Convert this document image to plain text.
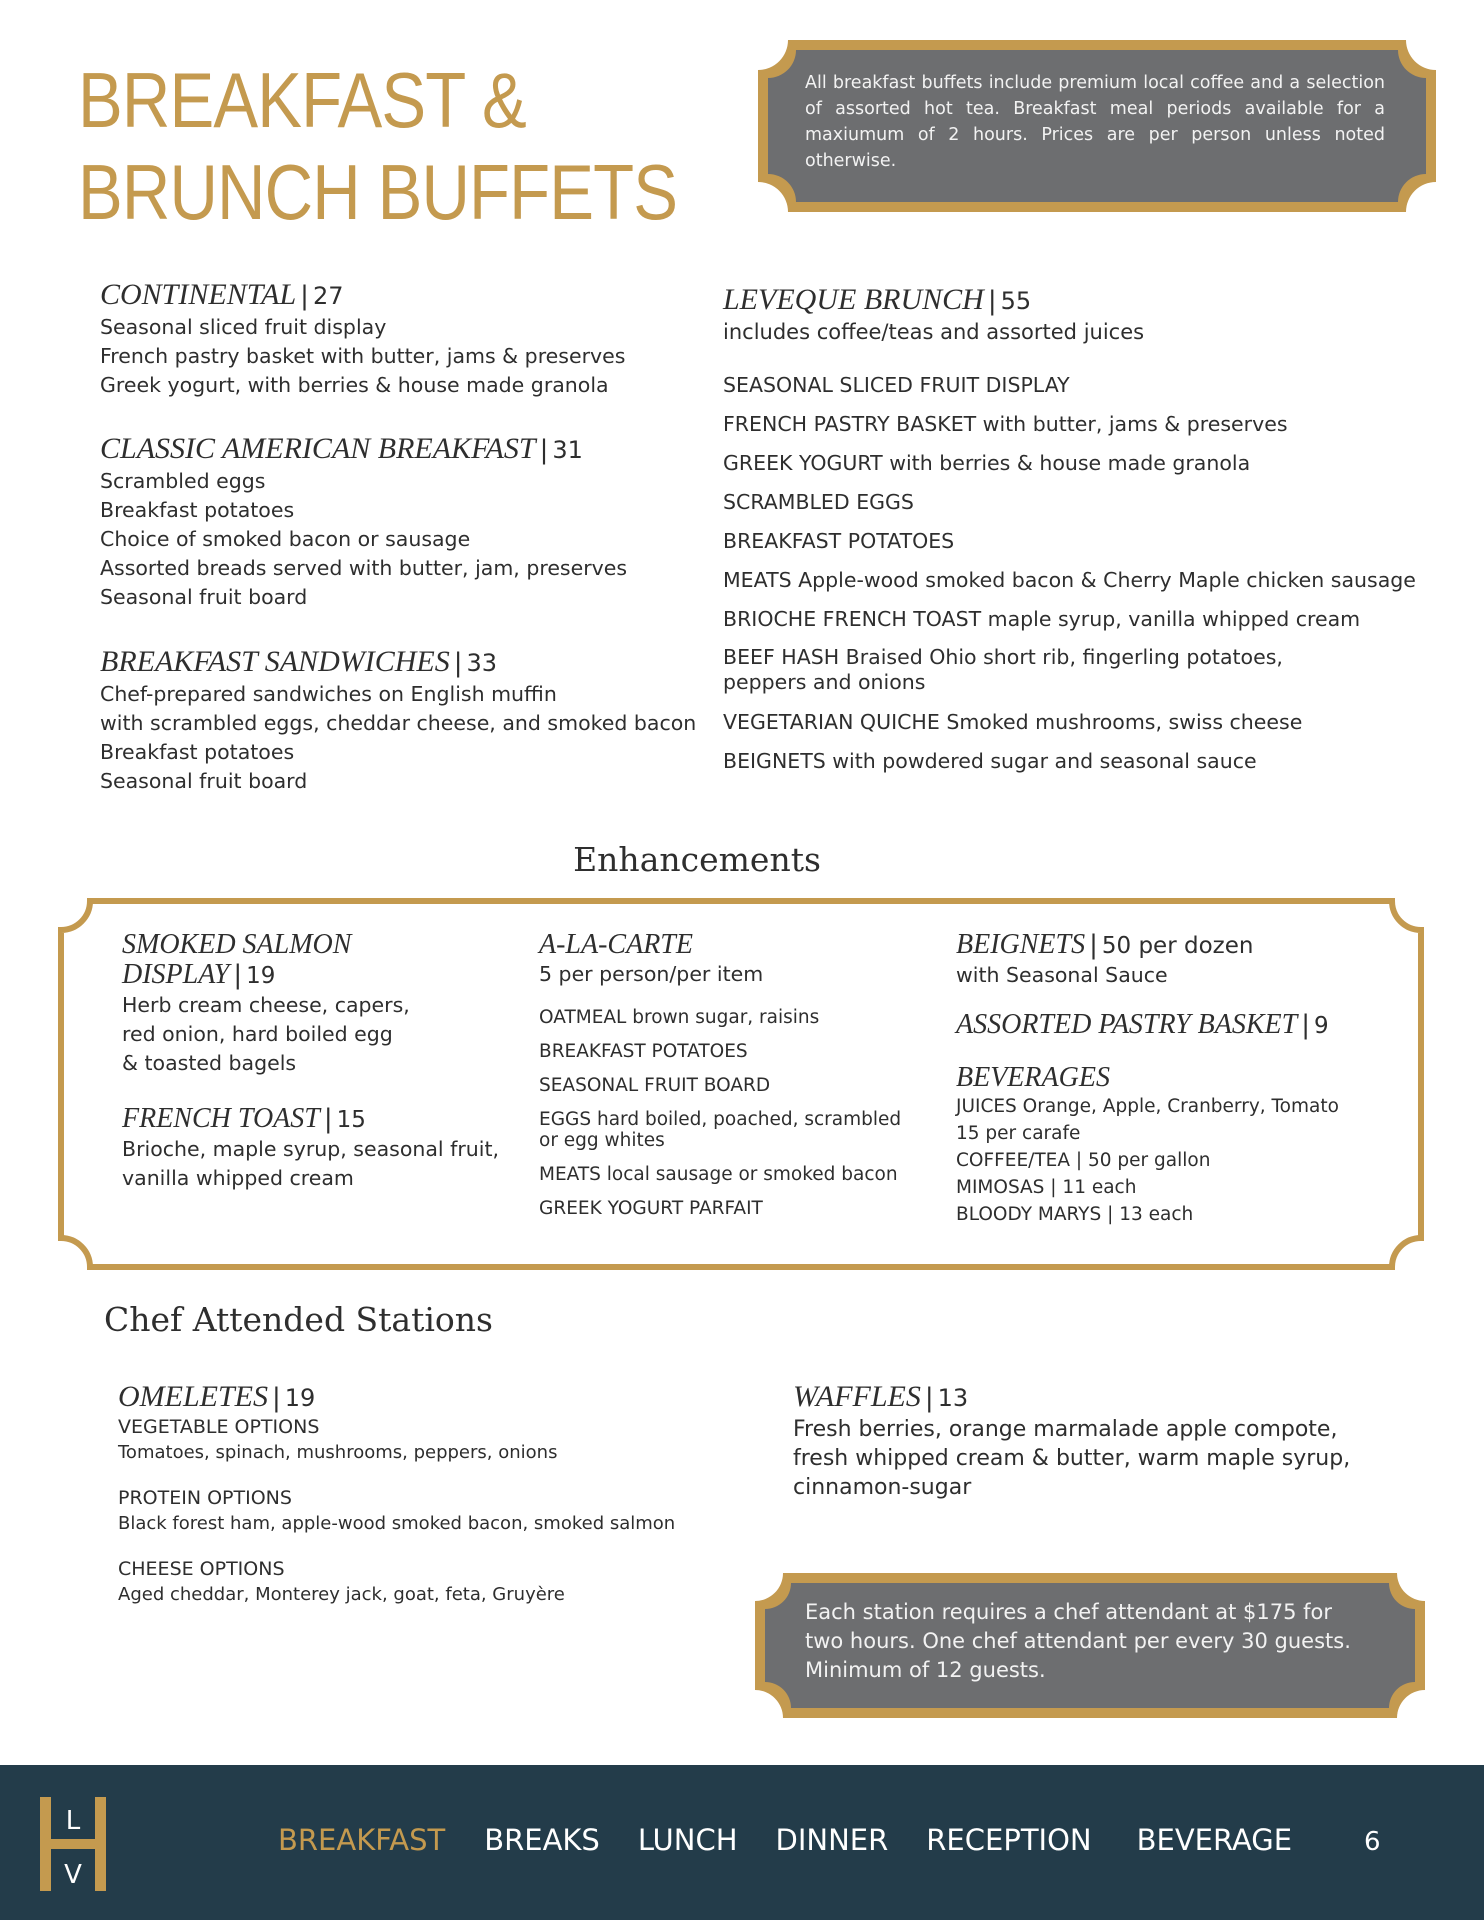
BREAKFAST &
BRUNCH BUFFETS
All breakfast buffets include premium local coffee and a selection of assorted hot tea. Breakfast meal periods available for a maxiumum of 2 hours. Prices are per person unless noted otherwise.
CONTINENTAL | 27
Seasonal sliced fruit display
French pastry basket with butter, jams & preserves
Greek yogurt, with berries & house made granola
CLASSIC AMERICAN BREAKFAST | 31
Scrambled eggs
Breakfast potatoes
Choice of smoked bacon or sausage
Assorted breads served with butter, jam, preserves
Seasonal fruit board
BREAKFAST SANDWICHES | 33
Chef-prepared sandwiches on English muffin
with scrambled eggs, cheddar cheese, and smoked bacon
Breakfast potatoes
Seasonal fruit board
LEVEQUE BRUNCH | 55
includes coffee/teas and assorted juices
SEASONAL SLICED FRUIT DISPLAY
FRENCH PASTRY BASKET with butter, jams & preserves
GREEK YOGURT with berries & house made granola
SCRAMBLED EGGS
BREAKFAST POTATOES
MEATS Apple-wood smoked bacon & Cherry Maple chicken sausage
BRIOCHE FRENCH TOAST maple syrup, vanilla whipped cream
BEEF HASH Braised Ohio short rib, fingerling potatoes, peppers and onions
VEGETARIAN QUICHE Smoked mushrooms, swiss cheese
BEIGNETS with powdered sugar and seasonal sauce
Enhancements
SMOKED SALMON
DISPLAY | 19
Herb cream cheese, capers,
red onion, hard boiled egg
& toasted bagels
FRENCH TOAST | 15
Brioche, maple syrup, seasonal fruit,
vanilla whipped cream
A-LA-CARTE
5 per person/per item
OATMEAL brown sugar, raisins
BREAKFAST POTATOES
SEASONAL FRUIT BOARD
EGGS hard boiled, poached, scrambled or egg whites
MEATS local sausage or smoked bacon
GREEK YOGURT PARFAIT
BEIGNETS | 50 per dozen
with Seasonal Sauce
ASSORTED PASTRY BASKET | 9
BEVERAGES
JUICES Orange, Apple, Cranberry, Tomato
15 per carafe
COFFEE/TEA | 50 per gallon
MIMOSAS | 11 each
BLOODY MARYS | 13 each
Chef Attended Stations
OMELETES | 19
VEGETABLE OPTIONS
Tomatoes, spinach, mushrooms, peppers, onions
PROTEIN OPTIONS
Black forest ham, apple-wood smoked bacon, smoked salmon
CHEESE OPTIONS
Aged cheddar, Monterey jack, goat, feta, Gruyère
WAFFLES | 13
Fresh berries, orange marmalade apple compote,
fresh whipped cream & butter, warm maple syrup,
cinnamon-sugar
Each station requires a chef attendant at $175 for two hours. One chef attendant per every 30 guests. Minimum of 12 guests.
L
V
BREAKFAST BREAKS LUNCH DINNER RECEPTION BEVERAGE	6
